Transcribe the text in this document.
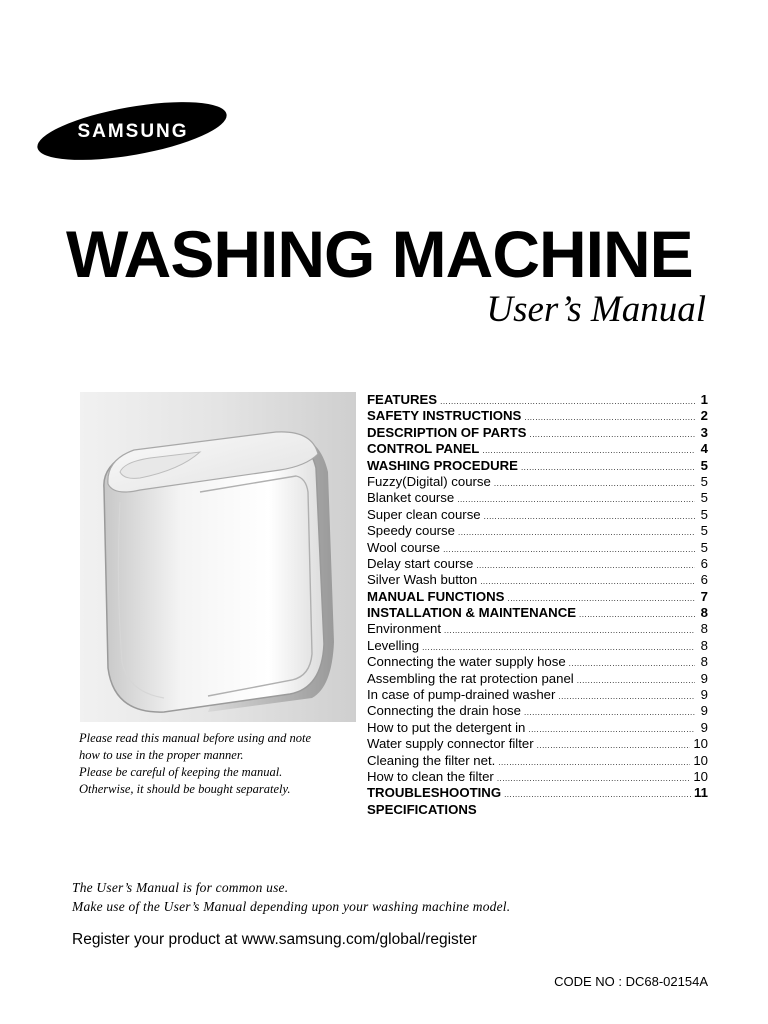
SAMSUNG
WASHING MACHINE
User’s Manual
Please read this manual before using and note
how to use in the proper manner.
Please be careful of keeping the manual.
Otherwise, it should be bought separately.
FEATURES .....	1
SAFETY INSTRUCTIONS .....	2
DESCRIPTION OF PARTS .....	3
CONTROL PANEL .....	4
WASHING PROCEDURE .....	5
Fuzzy(Digital) course .....	5
Blanket course .....	5
Super clean course .....	5
Speedy course .....	5
Wool course .....	5
Delay start course .....	6
Silver Wash button .....	6
MANUAL FUNCTIONS .....	7
INSTALLATION & MAINTENANCE .....	8
Environment .....	8
Levelling .....	8
Connecting the water supply hose .....	8
Assembling the rat protection panel .....	9
In case of pump-drained washer .....	9
Connecting the drain hose .....	9
How to put the detergent in .....	9
Water supply connector filter .....	10
Cleaning the filter net. .....	10
How to clean the filter .....	10
TROUBLESHOOTING .....	11
SPECIFICATIONS
The User’s Manual is for common use.
Make use of the User’s Manual depending upon your washing machine model.
Register your product at www.samsung.com/global/register
CODE NO : DC68-02154A
